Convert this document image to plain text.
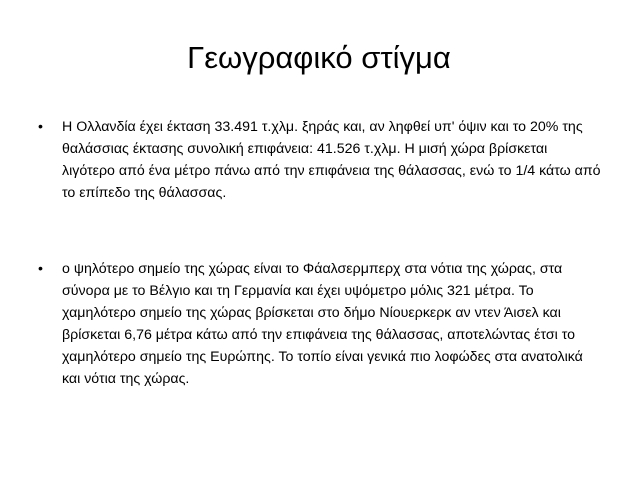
Γεωγραφικό στίγμα
• Η Ολλανδία έχει έκταση 33.491 τ.χλμ. ξηράς και, αν ληφθεί υπ' όψιν και το 20% της θαλάσσιας έκτασης συνολική επιφάνεια: 41.526 τ.χλμ. Η μισή χώρα βρίσκεται λιγότερο από ένα μέτρο πάνω από την επιφάνεια της θάλασσας, ενώ το 1/4 κάτω από το επίπεδο της θάλασσας.
• ο ψηλότερο σημείο της χώρας είναι το Φάαλσερμπερχ στα νότια της χώρας, στα σύνορα με το Βέλγιο και τη Γερμανία και έχει υψόμετρο μόλις 321 μέτρα. Το χαμηλότερο σημείο της χώρας βρίσκεται στο δήμο Νίουερκερκ αν ντεν Άισελ και βρίσκεται 6,76 μέτρα κάτω από την επιφάνεια της θάλασσας, αποτελώντας έτσι το χαμηλότερο σημείο της Ευρώπης. Το τοπίο είναι γενικά πιο λοφώδες στα ανατολικά και νότια της χώρας.
